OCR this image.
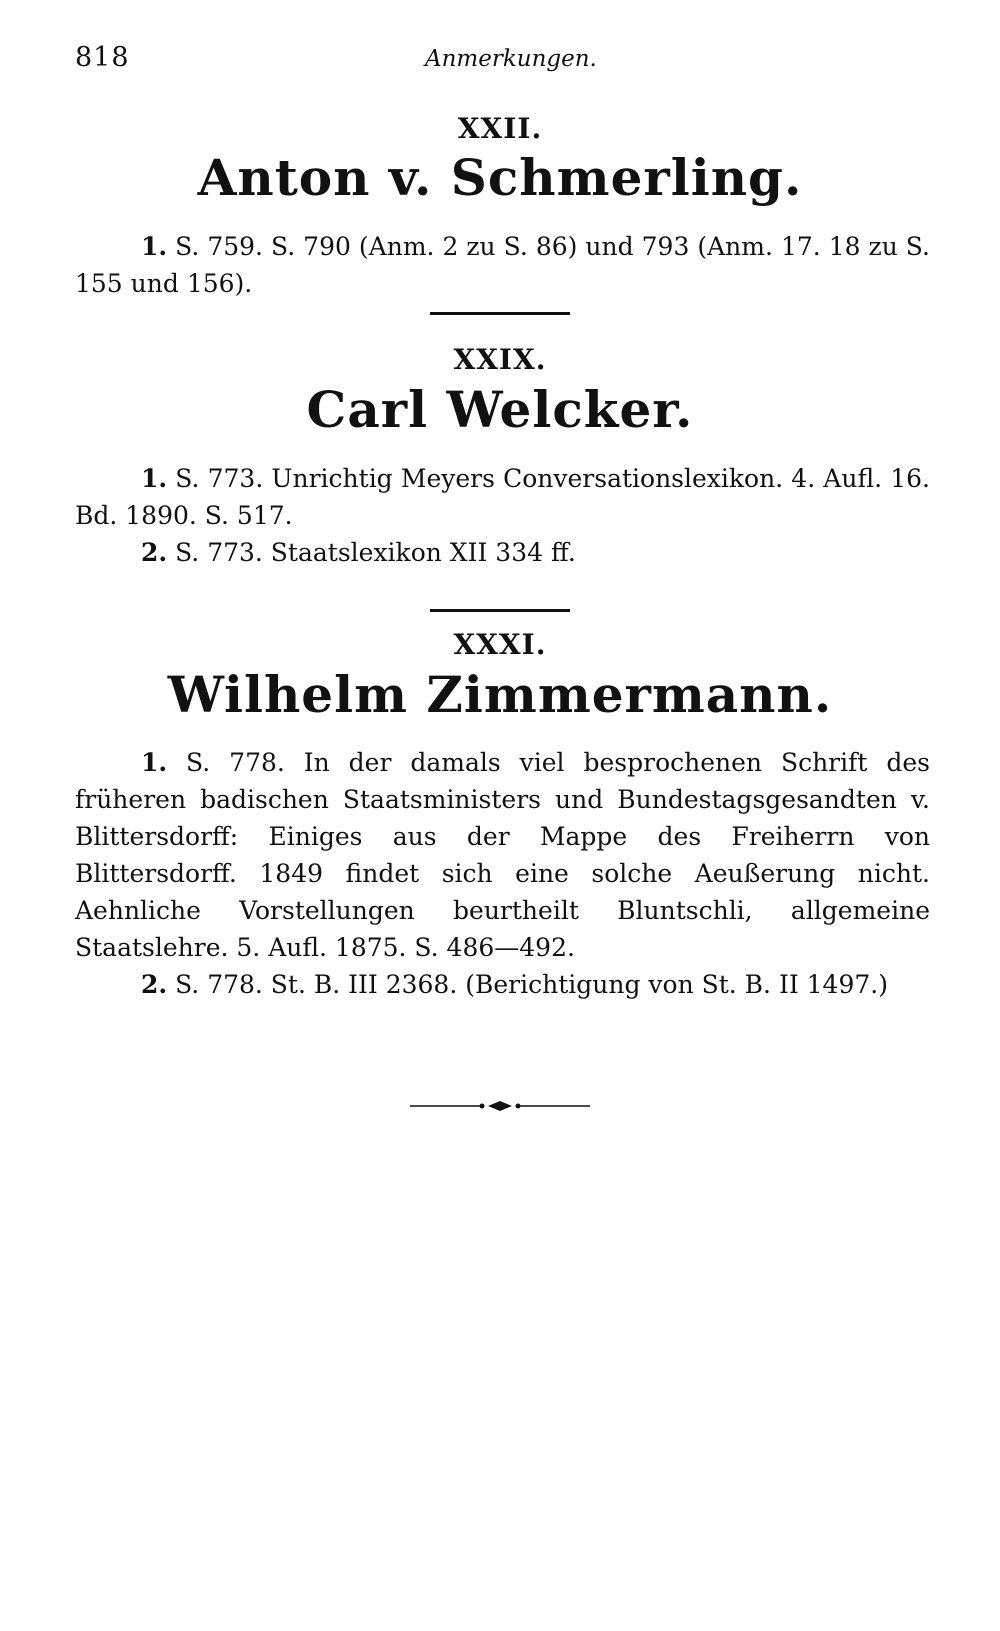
818	Anmerkungen.
XXII.
Anton v. Schmerling.
1. S. 759. S. 790 (Anm. 2 zu S. 86) und 793 (Anm. 17. 18 zu S. 155 und 156).
XXIX.
Carl Welcker.
1. S. 773. Unrichtig Meyers Conversationslexikon. 4. Aufl. 16. Bd. 1890. S. 517.
2. S. 773. Staatslexikon XII 334 ff.
XXXI.
Wilhelm Zimmermann.
1. S. 778. In der damals viel besprochenen Schrift des früheren badischen Staatsministers und Bundestagsgesandten v. Blittersdorff: Einiges aus der Mappe des Freiherrn von Blittersdorff. 1849 findet sich eine solche Aeußerung nicht. Aehnliche Vorstellungen beurtheilt Bluntschli, allgemeine Staatslehre. 5. Aufl. 1875. S. 486—492.
2. S. 778. St. B. III 2368. (Berichtigung von St. B. II 1497.)
